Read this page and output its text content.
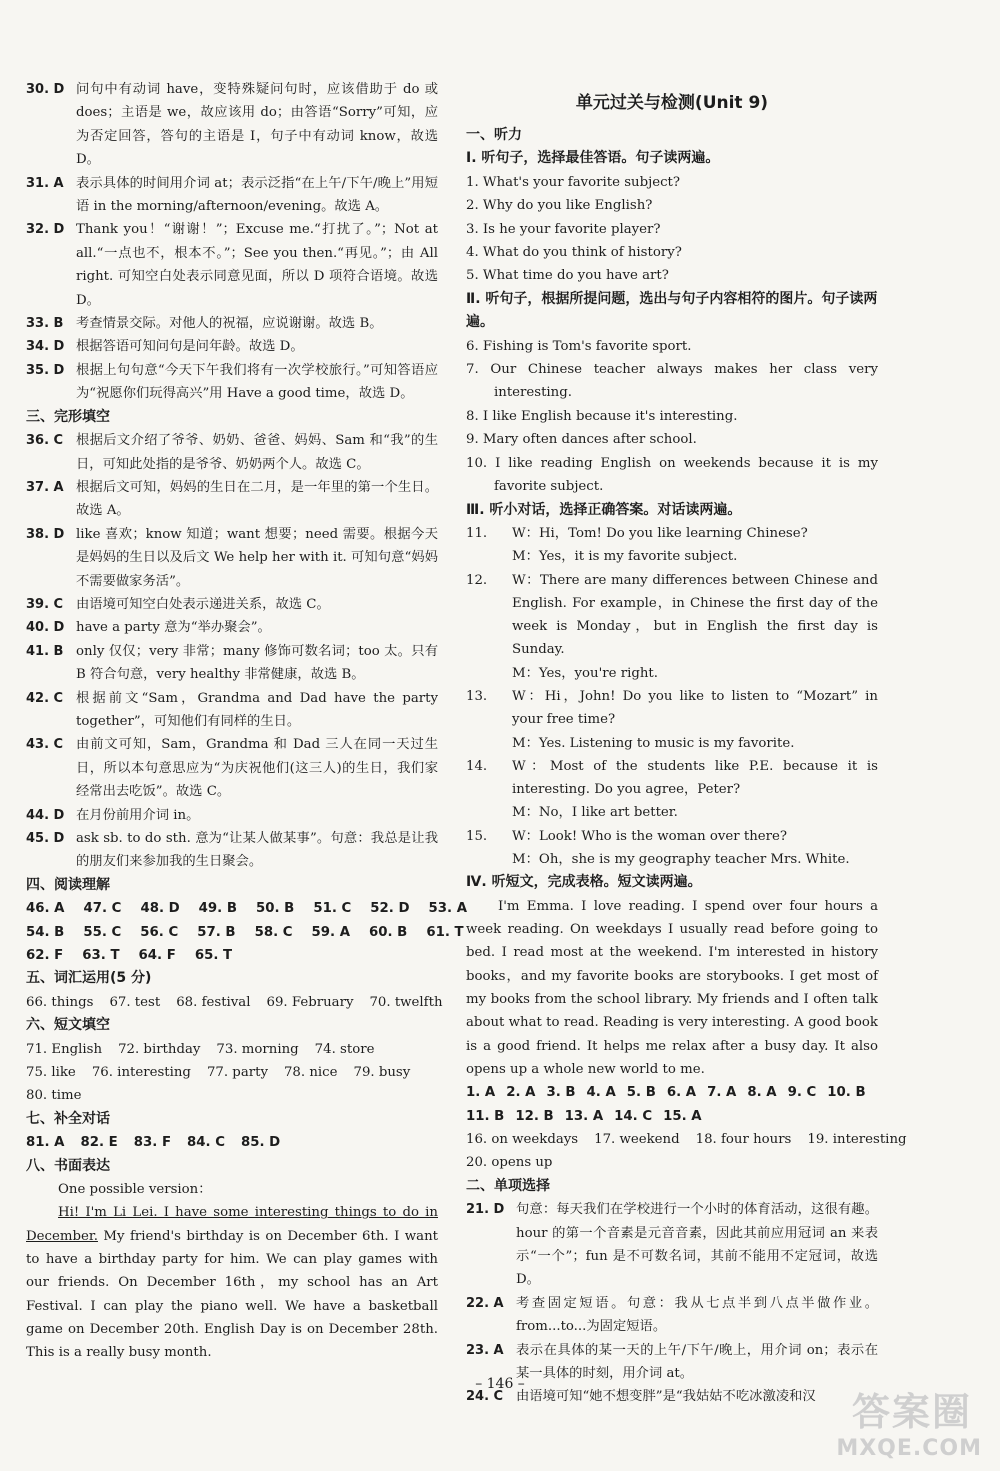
30. D 问句中有动词 have，变特殊疑问句时，应该借助于 do 或does；主语是 we，故应该用 do；由答语“Sorry”可知，应为否定回答，答句的主语是 I，句子中有动词 know，故选 D。

31. A 表示具体的时间用介词 at；表示泛指“在上午/下午/晚上”用短语 in the morning/afternoon/evening。故选 A。

32. D Thank you！“谢谢！”；Excuse me.“打扰了。”；Not at all.“一点也不，根本不。”；See you then.“再见。”；由 All right. 可知空白处表示同意见面，所以 D 项符合语境。故选 D。

33. B 考查情景交际。对他人的祝福，应说谢谢。故选 B。

34. D 根据答语可知问句是问年龄。故选 D。

35. D 根据上句句意“今天下午我们将有一次学校旅行。”可知答语应为“祝愿你们玩得高兴”用 Have a good time，故选 D。

三、完形填空

36. C 根据后文介绍了爷爷、奶奶、爸爸、妈妈、Sam 和“我”的生日，可知此处指的是爷爷、奶奶两个人。故选 C。

37. A 根据后文可知，妈妈的生日在二月，是一年里的第一个生日。故选 A。

38. D like 喜欢；know 知道；want 想要；need 需要。根据今天是妈妈的生日以及后文 We help her with it. 可知句意“妈妈不需要做家务活”。

39. C 由语境可知空白处表示递进关系，故选 C。

40. D have a party 意为“举办聚会”。

41. B only 仅仅；very 非常；many 修饰可数名词；too 太。只有 B 符合句意，very healthy 非常健康，故选 B。

42. C 根据前文“Sam，Grandma and Dad have the party together”，可知他们有同样的生日。

43. C 由前文可知，Sam，Grandma 和 Dad 三人在同一天过生日，所以本句意思应为“为庆祝他们(这三人)的生日，我们家经常出去吃饭”。故选 C。

44. D 在月份前用介词 in。

45. D ask sb. to do sth. 意为“让某人做某事”。句意：我总是让我的朋友们来参加我的生日聚会。

四、阅读理解

46. A 47. C 48. D 49. B 50. B 51. C 52. D 53. A

54. B 55. C 56. C 57. B 58. C 59. A 60. B 61. T

62. F 63. T 64. F 65. T

五、词汇运用(5 分)

66. things 67. test 68. festival 69. February 70. twelfth

六、短文填空

71. English 72. birthday 73. morning 74. store

75. like 76. interesting 77. party 78. nice 79. busy

80. time

七、补全对话

81. A 82. E 83. F 84. C 85. D

八、书面表达

One possible version：

Hi! I'm Li Lei. I have some interesting things to do in December. My friend's birthday is on December 6th. I want to have a birthday party for him. We can play games with our friends. On December 16th，my school has an Art Festival. I can play the piano well. We have a basketball game on December 20th. English Day is on December 28th. This is a really busy month.

单元过关与检测(Unit 9)

一、听力

Ⅰ. 听句子，选择最佳答语。句子读两遍。

1. What's your favorite subject?

2. Why do you like English?

3. Is he your favorite player?

4. What do you think of history?

5. What time do you have art?

Ⅱ. 听句子，根据所提问题，选出与句子内容相符的图片。句子读两遍。

6. Fishing is Tom's favorite sport.

7. Our Chinese teacher always makes her class very interesting.

8. I like English because it's interesting.

9. Mary often dances after school.

10. I like reading English on weekends because it is my favorite subject.

Ⅲ. 听小对话，选择正确答案。对话读两遍。

11. W：Hi，Tom! Do you like learning Chinese?
M：Yes，it is my favorite subject.

12. W：There are many differences between Chinese and English. For example，in Chinese the first day of the week is Monday，but in English the first day is Sunday.
M：Yes，you're right.

13. W：Hi，John! Do you like to listen to “Mozart” in your free time?
M：Yes. Listening to music is my favorite.

14. W：Most of the students like P.E. because it is interesting. Do you agree，Peter?
M：No，I like art better.

15. W：Look! Who is the woman over there?
M：Oh，she is my geography teacher Mrs. White.

Ⅳ. 听短文，完成表格。短文读两遍。

I'm Emma. I love reading. I spend over four hours a week reading. On weekdays I usually read before going to bed. I read most at the weekend. I'm interested in history books，and my favorite books are storybooks. I get most of my books from the school library. My friends and I often talk about what to read. Reading is very interesting. A good book is a good friend. It helps me relax after a busy day. It also opens up a whole new world to me.

1. A 2. A 3. B 4. A 5. B 6. A 7. A 8. A 9. C 10. B

11. B 12. B 13. A 14. C 15. A

16. on weekdays 17. weekend 18. four hours 19. interesting

20. opens up

二、单项选择

21. D 句意：每天我们在学校进行一个小时的体育活动，这很有趣。hour 的第一个音素是元音音素，因此其前应用冠词 an 来表示“一个”；fun 是不可数名词，其前不能用不定冠词，故选 D。

22. A 考查固定短语。句意：我从七点半到八点半做作业。from...to...为固定短语。

23. A 表示在具体的某一天的上午/下午/晚上，用介词 on；表示在某一具体的时刻，用介词 at。

24. C 由语境可知“她不想变胖”是“我姑姑不吃冰激凌和汉

– 146 –
答案圈
MXQE.COM
